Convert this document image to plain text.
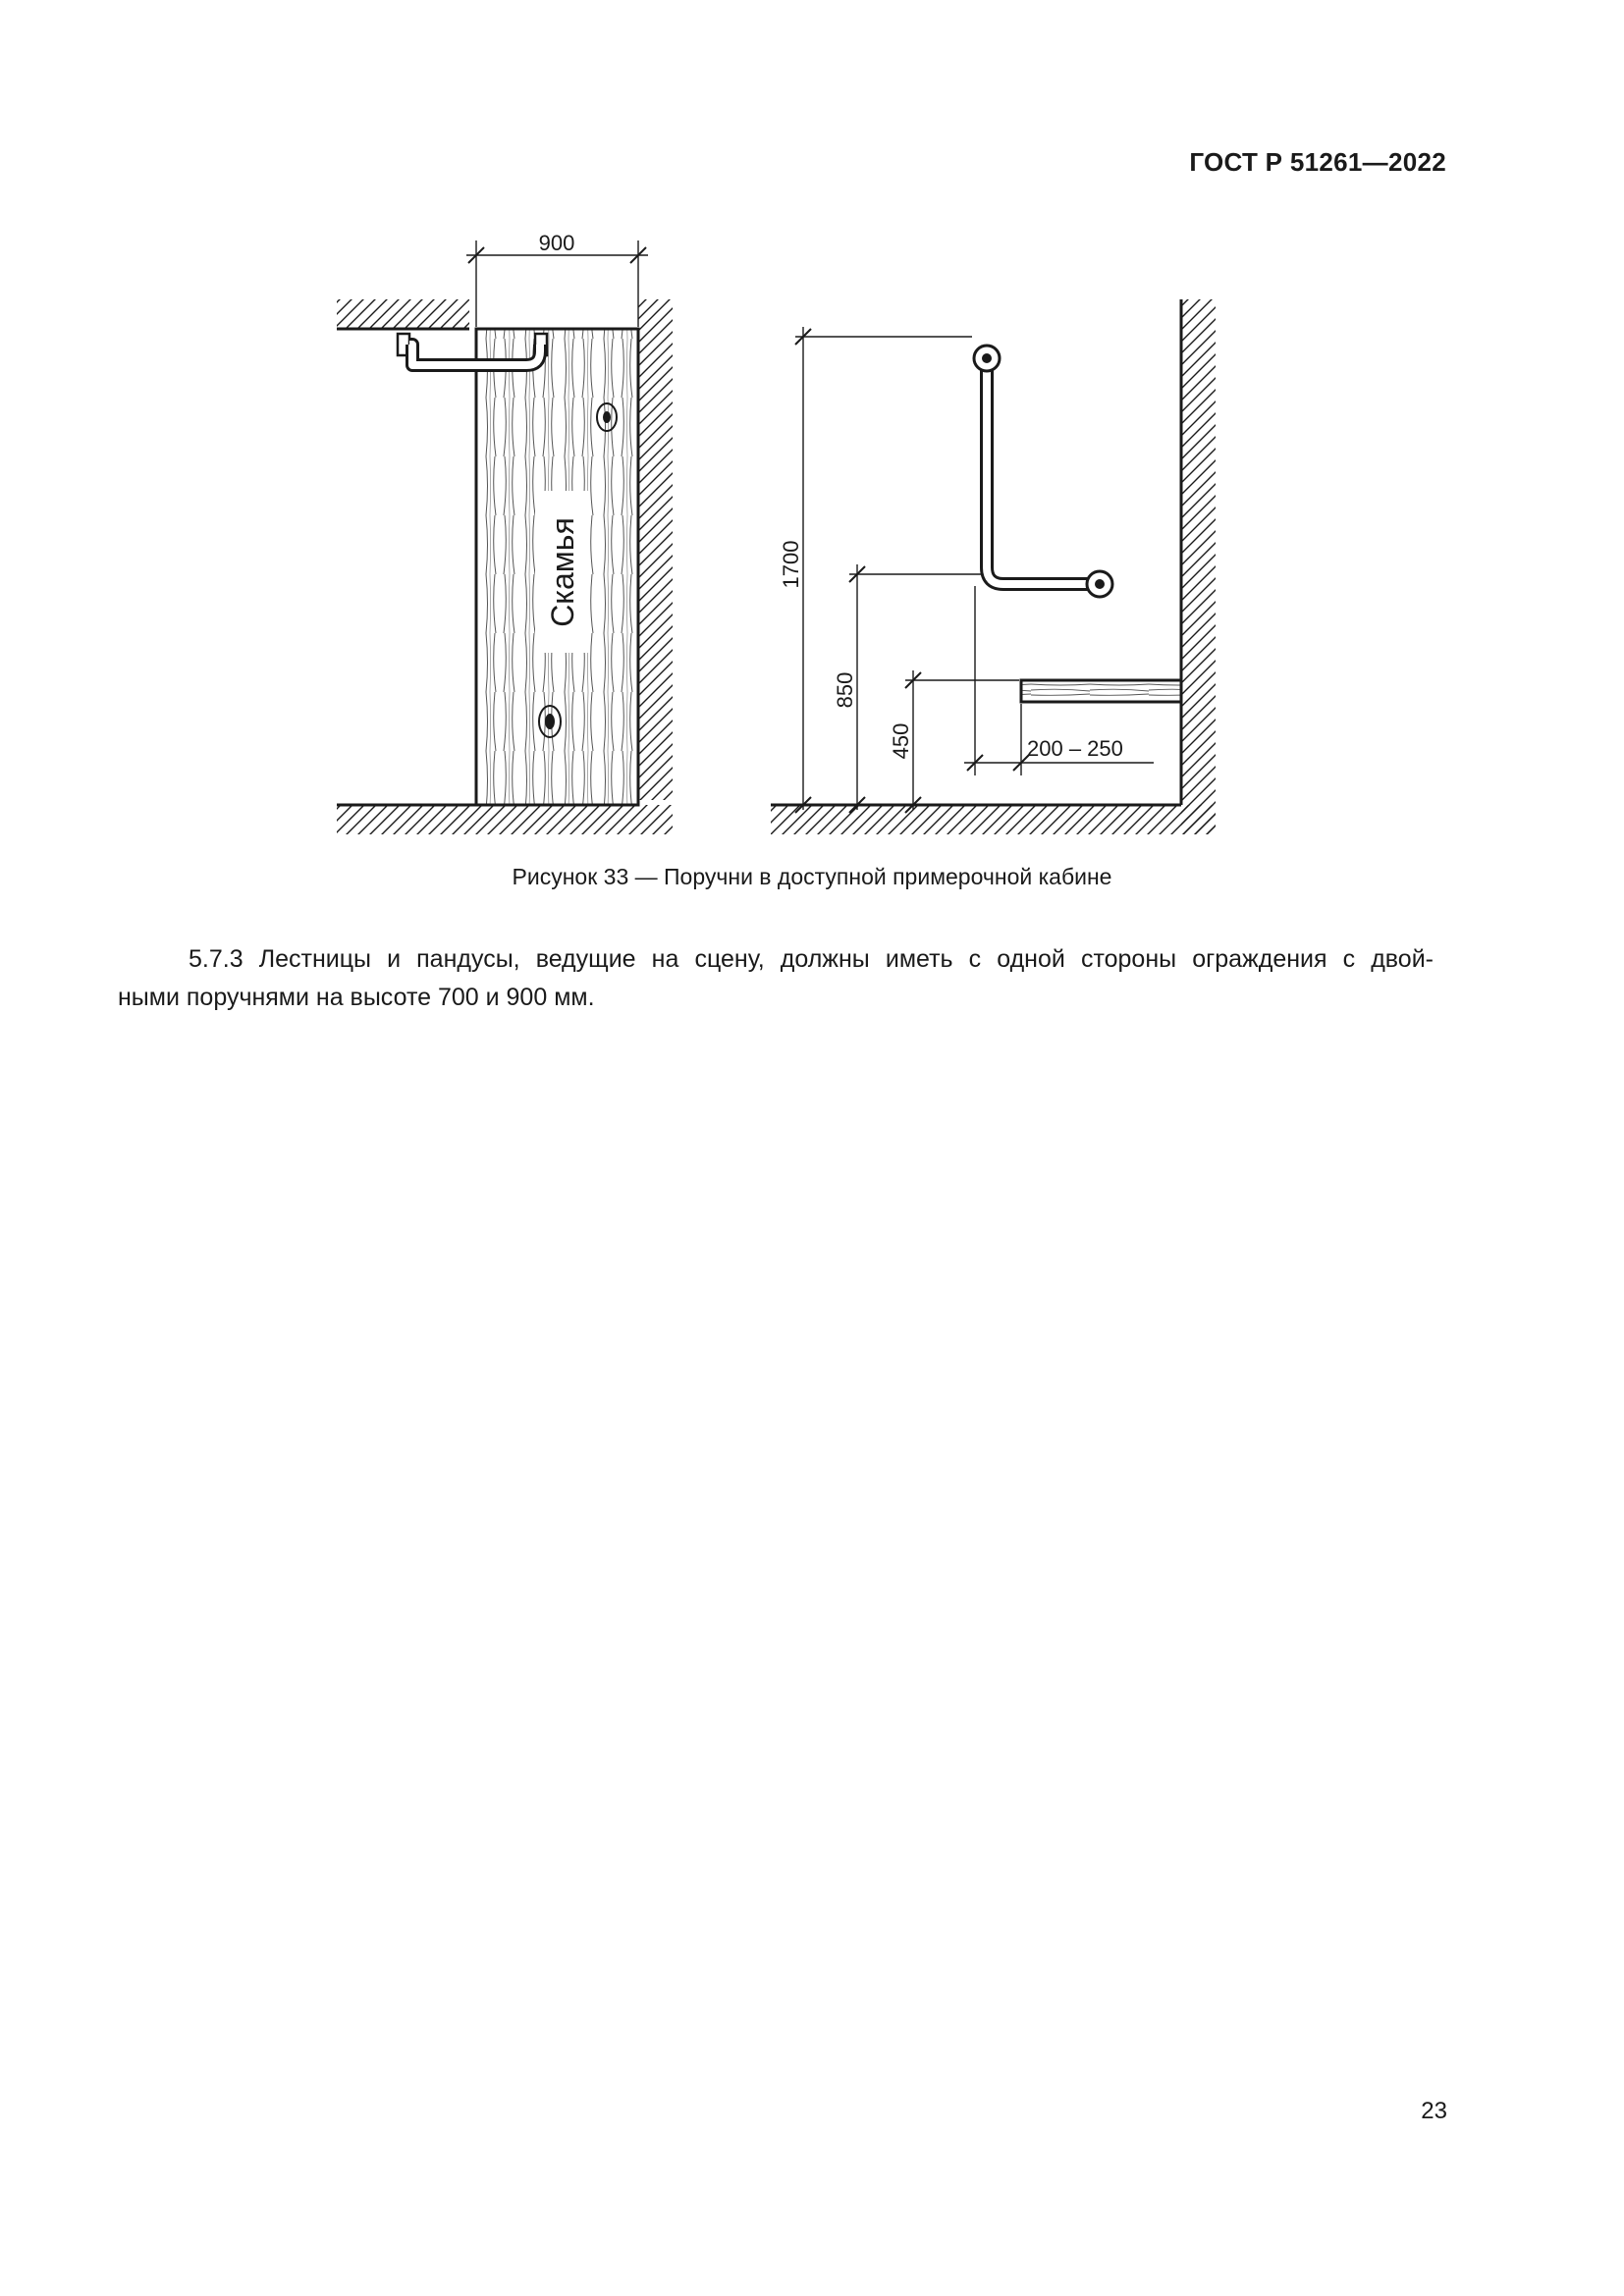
ГОСТ Р 51261—2022
Скамья
900
1700
850
450	200 – 250
Рисунок 33 — Поручни в доступной примерочной кабине
5.7.3 Лестницы и пандусы, ведущие на сцену, должны иметь с одной стороны ограждения с двой-
ными поручнями на высоте 700 и 900 мм.
23
